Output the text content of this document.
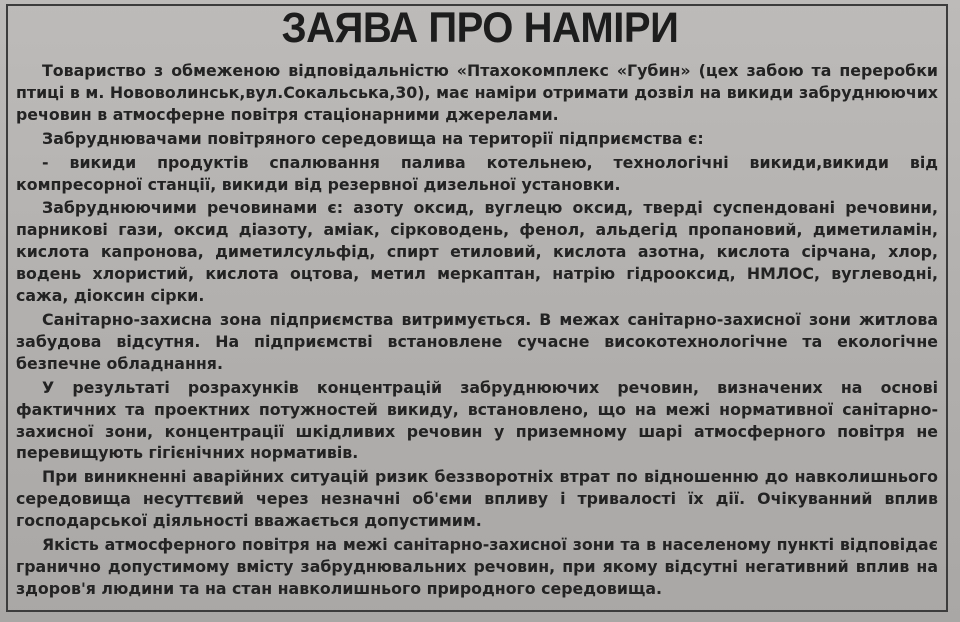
ЗАЯВА ПРО НАМІРИ

Товариство з обмеженою відповідальністю «Птахокомплекс «Губин» (цех забою та переробки птиці в м. Нововолинськ,вул.Сокальська,30), має наміри отримати дозвіл на викиди забруднюючих речовин в атмосферне повітря стаціонарними джерелами.

Забруднювачами повітряного середовища на території підприємства є:

- викиди продуктів спалювання палива котельнею, технологічні викиди,викиди від компресорної станції, викиди від резервної дизельної установки.

Забруднюючими речовинами є: азоту оксид, вуглецю оксид, тверді суспендовані речовини, парникові гази, оксид діазоту, аміак, сірководень, фенол, альдегід пропановий, диметиламін, кислота капронова, диметилсульфід, спирт етиловий, кислота азотна, кислота сірчана, хлор, водень хлористий, кислота оцтова, метил меркаптан, натрію гідрооксид, НМЛОС, вуглеводні, сажа, діоксин сірки.

Санітарно-захисна зона підприємства витримується. В межах санітарно-захисної зони житлова забудова відсутня. На підприємстві встановлене сучасне високотехнологічне та екологічне безпечне обладнання.

У результаті розрахунків концентрацій забруднюючих речовин, визначених на основі фактичних та проектних потужностей викиду, встановлено, що на межі нормативної санітарно-захисної зони, концентрації шкідливих речовин у приземному шарі атмосферного повітря не перевищують гігієнічних нормативів.

При виникненні аварійних ситуацій ризик беззворотніх втрат по відношенню до навколишнього середовища несуттєвий через незначні об'єми впливу і тривалості їх дії. Очікуванний вплив господарської діяльності вважається допустимим.

Якість атмосферного повітря на межі санітарно-захисної зони та в населеному пункті відповідає гранично допустимому вмісту забруднювальних речовин, при якому відсутні негативний вплив на здоров'я людини та на стан навколишнього природного середовища.
